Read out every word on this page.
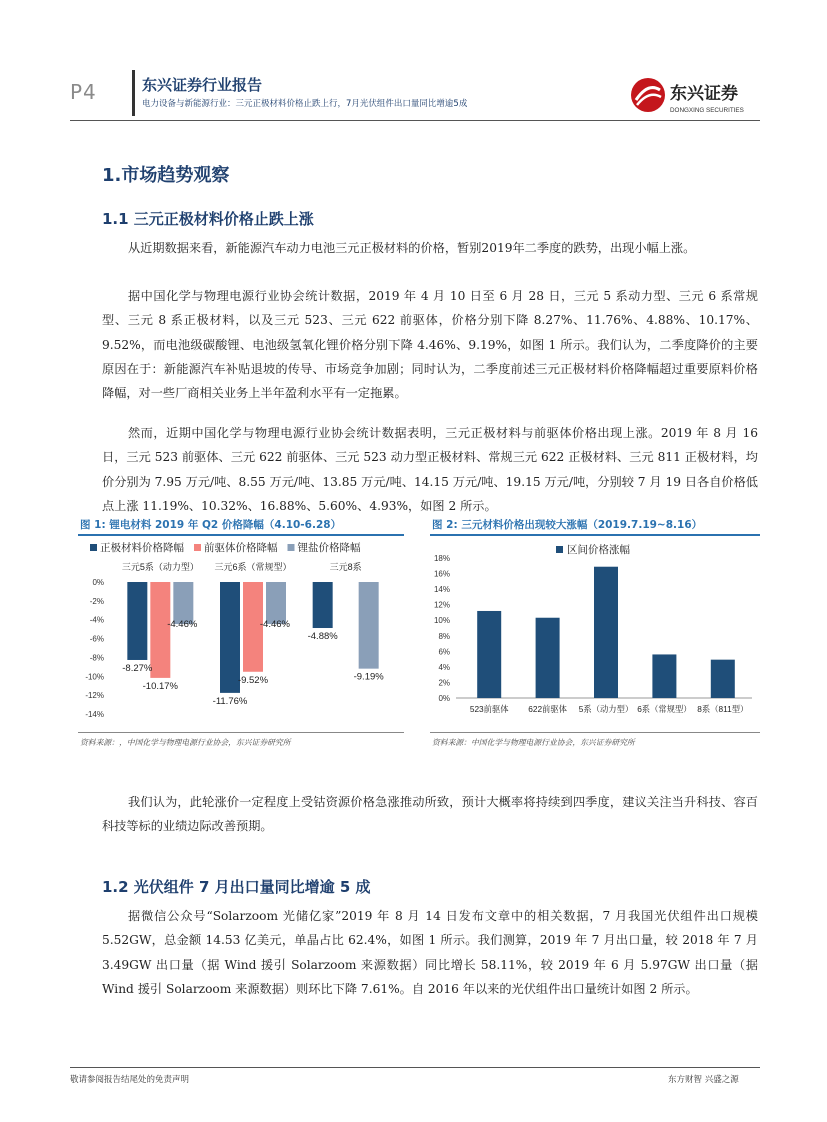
P4	东兴证券行业报告
电力设备与新能源行业：三元正极材料价格止跌上行，7月光伏组件出口量同比增逾5成
东兴证券
DONGXING SECURITIES
1.市场趋势观察
1.1 三元正极材料价格止跌上涨
从近期数据来看，新能源汽车动力电池三元正极材料的价格，暂别2019年二季度的跌势，出现小幅上涨。
据中国化学与物理电源行业协会统计数据，2019 年 4 月 10 日至 6 月 28 日，三元 5 系动力型、三元 6 系常规型、三元 8 系正极材料，以及三元 523、三元 622 前驱体，价格分别下降 8.27%、11.76%、4.88%、10.17%、9.52%，而电池级碳酸锂、电池级氢氧化锂价格分别下降 4.46%、9.19%，如图 1 所示。我们认为，二季度降价的主要原因在于：新能源汽车补贴退坡的传导、市场竞争加剧；同时认为，二季度前述三元正极材料价格降幅超过重要原料价格降幅，对一些厂商相关业务上半年盈利水平有一定拖累。
然而，近期中国化学与物理电源行业协会统计数据表明，三元正极材料与前驱体价格出现上涨。2019 年 8 月 16 日，三元 523 前驱体、三元 622 前驱体、三元 523 动力型正极材料、常规三元 622 正极材料、三元 811 正极材料，均价分别为 7.95 万元/吨、8.55 万元/吨、13.85 万元/吨、14.15 万元/吨、19.15 万元/吨，分别较 7 月 19 日各自价格低点上涨 11.19%、10.32%、16.88%、5.60%、4.93%，如图 2 所示。
图 1: 锂电材料 2019 年 Q2 价格降幅（4.10-6.28）
正极材料价格降幅 前驱体价格降幅 锂盐价格降幅
0%
-2%
-4%
-6%
-8%
-10%
-12%
-14%
三元5系（动力型）
-8.27%
-10.17%
-4.46%
三元6系（常规型）
-11.76%
-9.52%
-4.46%
三元8系
-4.88%
-9.19%
资料来源：，中国化学与物理电源行业协会，东兴证券研究所
图 2: 三元材料价格出现较大涨幅（2019.7.19~8.16）
区间价格涨幅
0%
2%
4%
6%
8%
10%
12%
14%
16%
18%
523前驱体 622前驱体 5系（动力型） 6系（常规型） 8系（811型）
资料来源：中国化学与物理电源行业协会，东兴证券研究所
我们认为，此轮涨价一定程度上受钴资源价格急涨推动所致，预计大概率将持续到四季度，建议关注当升科技、容百科技等标的业绩边际改善预期。
1.2 光伏组件 7 月出口量同比增逾 5 成
据微信公众号“Solarzoom 光储亿家”2019 年 8 月 14 日发布文章中的相关数据，7 月我国光伏组件出口规模 5.52GW，总金额 14.53 亿美元，单晶占比 62.4%，如图 1 所示。我们测算，2019 年 7 月出口量，较 2018 年 7 月 3.49GW 出口量（据 Wind 援引 Solarzoom 来源数据）同比增长 58.11%，较 2019 年 6 月 5.97GW 出口量（据 Wind 援引 Solarzoom 来源数据）则环比下降 7.61%。自 2016 年以来的光伏组件出口量统计如图 2 所示。
敬请参阅报告结尾处的免责声明	东方财智 兴盛之源
